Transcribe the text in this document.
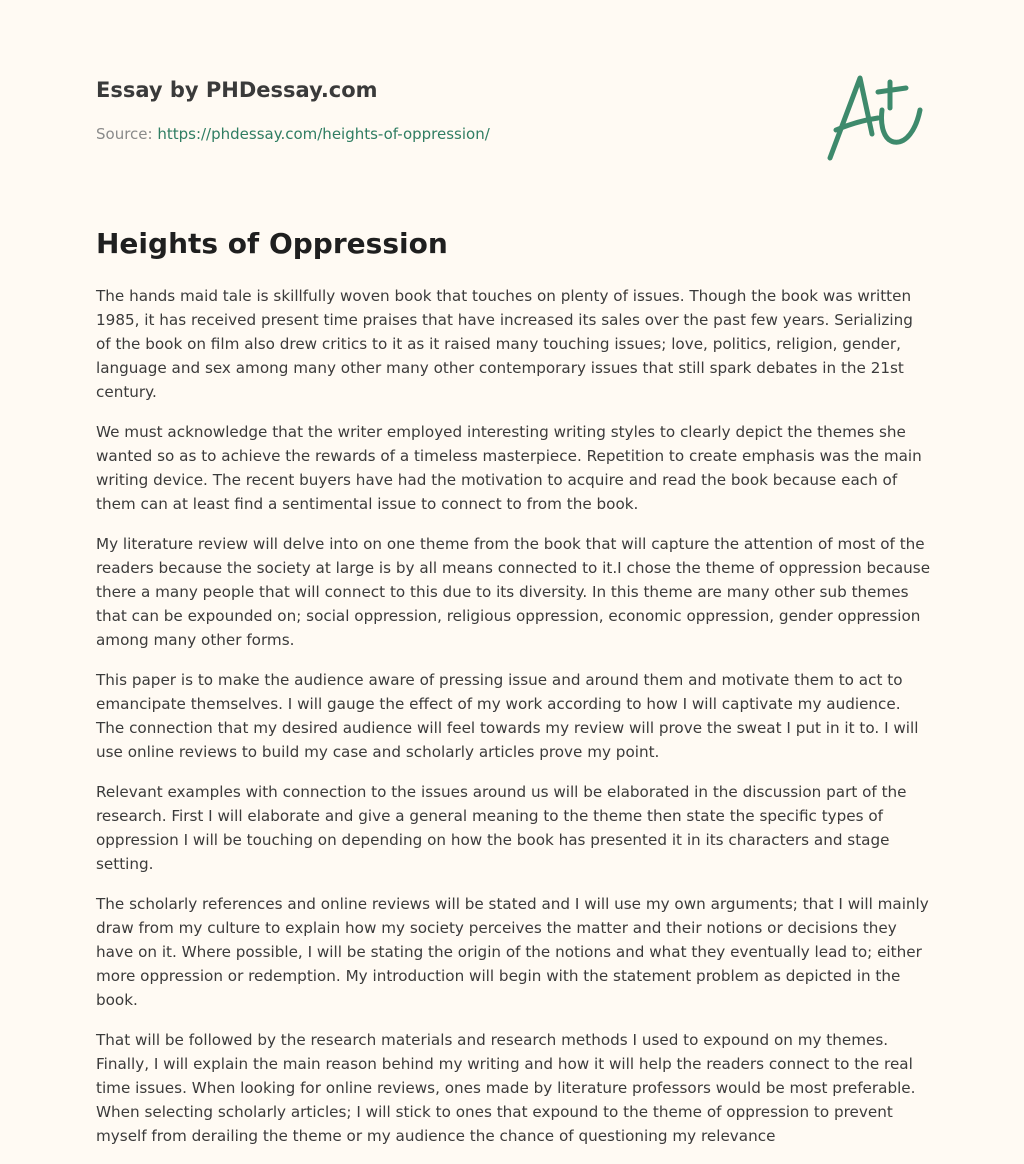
Essay by PHDessay.com
Source: https://phdessay.com/heights-of-oppression/
Heights of Oppression

The hands maid tale is skillfully woven book that touches on plenty of issues. Though the book was written 1985, it has received present time praises that have increased its sales over the past few years. Serializing of the book on film also drew critics to it as it raised many touching issues; love, politics, religion, gender, language and sex among many other many other contemporary issues that still spark debates in the 21st century.

We must acknowledge that the writer employed interesting writing styles to clearly depict the themes she wanted so as to achieve the rewards of a timeless masterpiece. Repetition to create emphasis was the main writing device. The recent buyers have had the motivation to acquire and read the book because each of them can at least find a sentimental issue to connect to from the book.

My literature review will delve into on one theme from the book that will capture the attention of most of the readers because the society at large is by all means connected to it.I chose the theme of oppression because there a many people that will connect to this due to its diversity. In this theme are many other sub themes that can be expounded on; social oppression, religious oppression, economic oppression, gender oppression among many other forms.

This paper is to make the audience aware of pressing issue and around them and motivate them to act to emancipate themselves. I will gauge the effect of my work according to how I will captivate my audience. The connection that my desired audience will feel towards my review will prove the sweat I put in it to. I will use online reviews to build my case and scholarly articles prove my point.

Relevant examples with connection to the issues around us will be elaborated in the discussion part of the research. First I will elaborate and give a general meaning to the theme then state the specific types of oppression I will be touching on depending on how the book has presented it in its characters and stage setting.

The scholarly references and online reviews will be stated and I will use my own arguments; that I will mainly draw from my culture to explain how my society perceives the matter and their notions or decisions they have on it. Where possible, I will be stating the origin of the notions and what they eventually lead to; either more oppression or redemption. My introduction will begin with the statement problem as depicted in the book.

That will be followed by the research materials and research methods I used to expound on my themes. Finally, I will explain the main reason behind my writing and how it will help the readers connect to the real time issues. When looking for online reviews, ones made by literature professors would be most preferable. When selecting scholarly articles; I will stick to ones that expound to the theme of oppression to prevent myself from derailing the theme or my audience the chance of questioning my relevance
